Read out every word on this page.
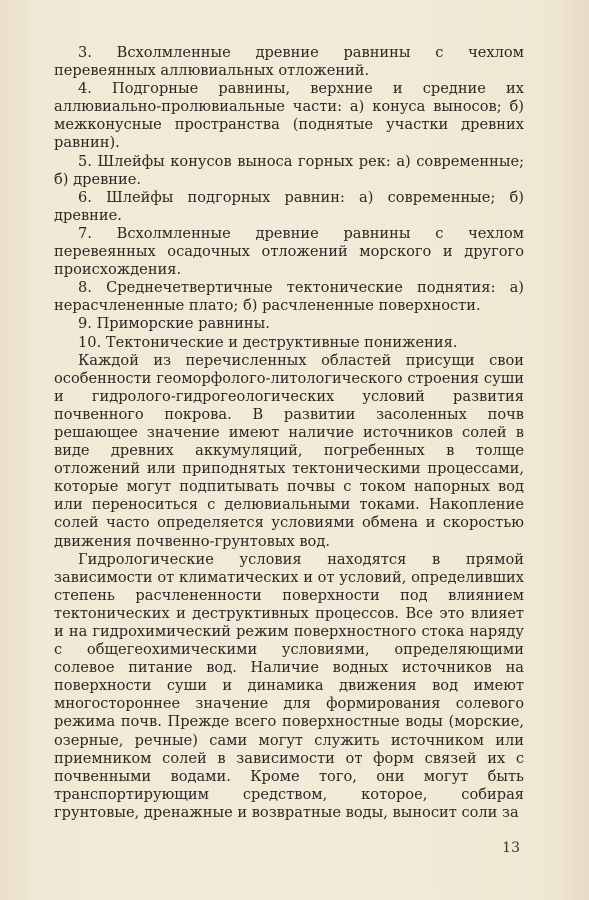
3. Всхолмленные древние равнины с чехлом перевеянных аллювиальных отложений.

4. Подгорные равнины, верхние и средние их аллювиально-пролювиальные части: а) конуса выносов; б) межконусные пространства (поднятые участки древних равнин).

5. Шлейфы конусов выноса горных рек: а) современные; б) древние.

6. Шлейфы подгорных равнин: а) современные; б) древние.

7. Всхолмленные древние равнины с чехлом перевеянных осадочных отложений морского и другого происхождения.

8. Среднечетвертичные тектонические поднятия: а) нерасчлененные плато; б) расчлененные поверхности.

9. Приморские равнины.

10. Тектонические и деструктивные понижения.

Каждой из перечисленных областей присущи свои особенности геоморфолого-литологического строения суши и гидролого-гидрогеологических условий развития почвенного покрова. В развитии засоленных почв решающее значение имеют наличие источников солей в виде древних аккумуляций, погребенных в толще отложений или приподнятых тектоническими процессами, которые могут подпитывать почвы с током напорных вод или переноситься с делювиальными токами. Накопление солей часто определяется условиями обмена и скоростью движения почвенно-грунтовых вод.

Гидрологические условия находятся в прямой зависимости от климатических и от условий, определивших степень расчлененности поверхности под влиянием тектонических и деструктивных процессов. Все это влияет и на гидрохимический режим поверхностного стока наряду с общегеохимическими условиями, определяющими солевое питание вод. Наличие водных источников на поверхности суши и динамика движения вод имеют многостороннее значение для формирования солевого режима почв. Прежде всего поверхностные воды (морские, озерные, речные) сами могут служить источником или приемником солей в зависимости от форм связей их с почвенными водами. Кроме того, они могут быть транспортирующим средством, которое, собирая грунтовые, дренажные и возвратные воды, выносит соли за

13
